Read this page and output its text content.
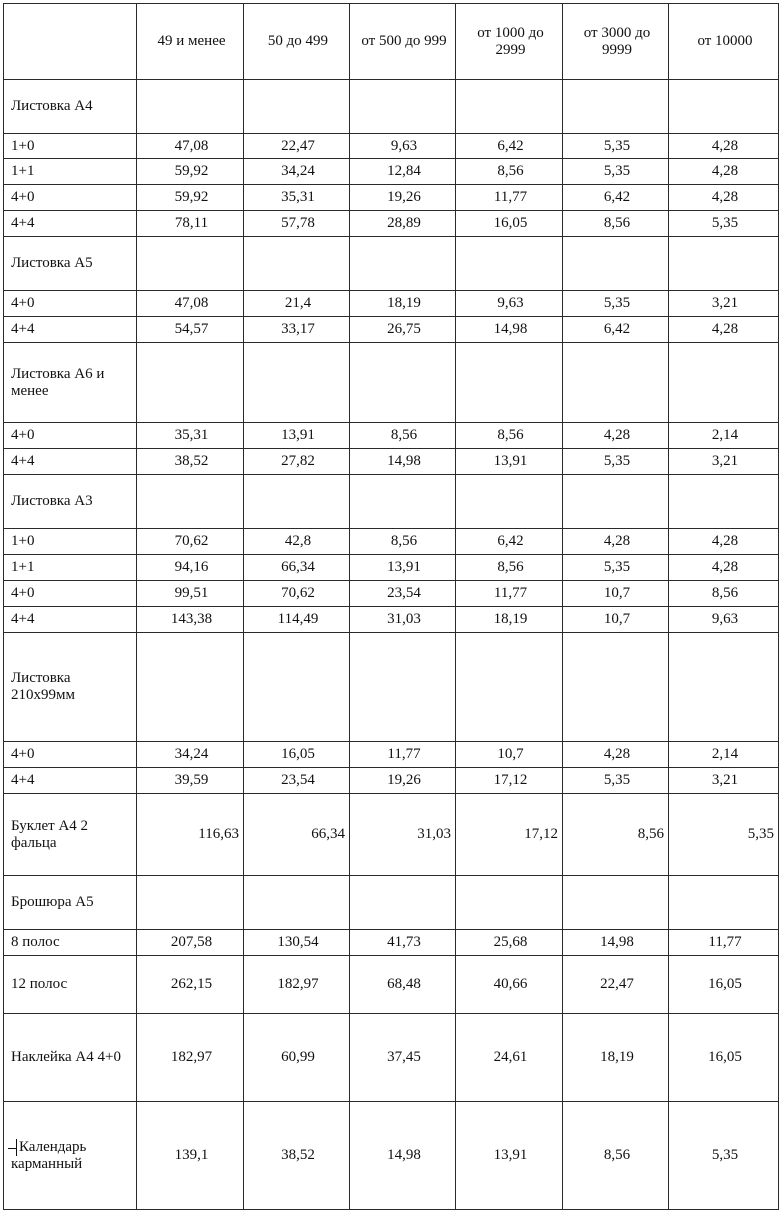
	49 и менее	50 до 499	от 500 до 999	от 1000 до 2999	от 3000 до 9999	от 10000
Листовка А4						
1+0	47,08	22,47	9,63	6,42	5,35	4,28
1+1	59,92	34,24	12,84	8,56	5,35	4,28
4+0	59,92	35,31	19,26	11,77	6,42	4,28
4+4	78,11	57,78	28,89	16,05	8,56	5,35
Листовка А5						
4+0	47,08	21,4	18,19	9,63	5,35	3,21
4+4	54,57	33,17	26,75	14,98	6,42	4,28
Листовка А6 и менее						
4+0	35,31	13,91	8,56	8,56	4,28	2,14
4+4	38,52	27,82	14,98	13,91	5,35	3,21
Листовка А3						
1+0	70,62	42,8	8,56	6,42	4,28	4,28
1+1	94,16	66,34	13,91	8,56	5,35	4,28
4+0	99,51	70,62	23,54	11,77	10,7	8,56
4+4	143,38	114,49	31,03	18,19	10,7	9,63
Листовка 210х99мм						
4+0	34,24	16,05	11,77	10,7	4,28	2,14
4+4	39,59	23,54	19,26	17,12	5,35	3,21
Буклет А4 2 фальца	116,63	66,34	31,03	17,12	8,56	5,35
Брошюра А5						
8 полос	207,58	130,54	41,73	25,68	14,98	11,77
12 полос	262,15	182,97	68,48	40,66	22,47	16,05
Наклейка А4 4+0	182,97	60,99	37,45	24,61	18,19	16,05
Календарь карманный	139,1	38,52	14,98	13,91	8,56	5,35
